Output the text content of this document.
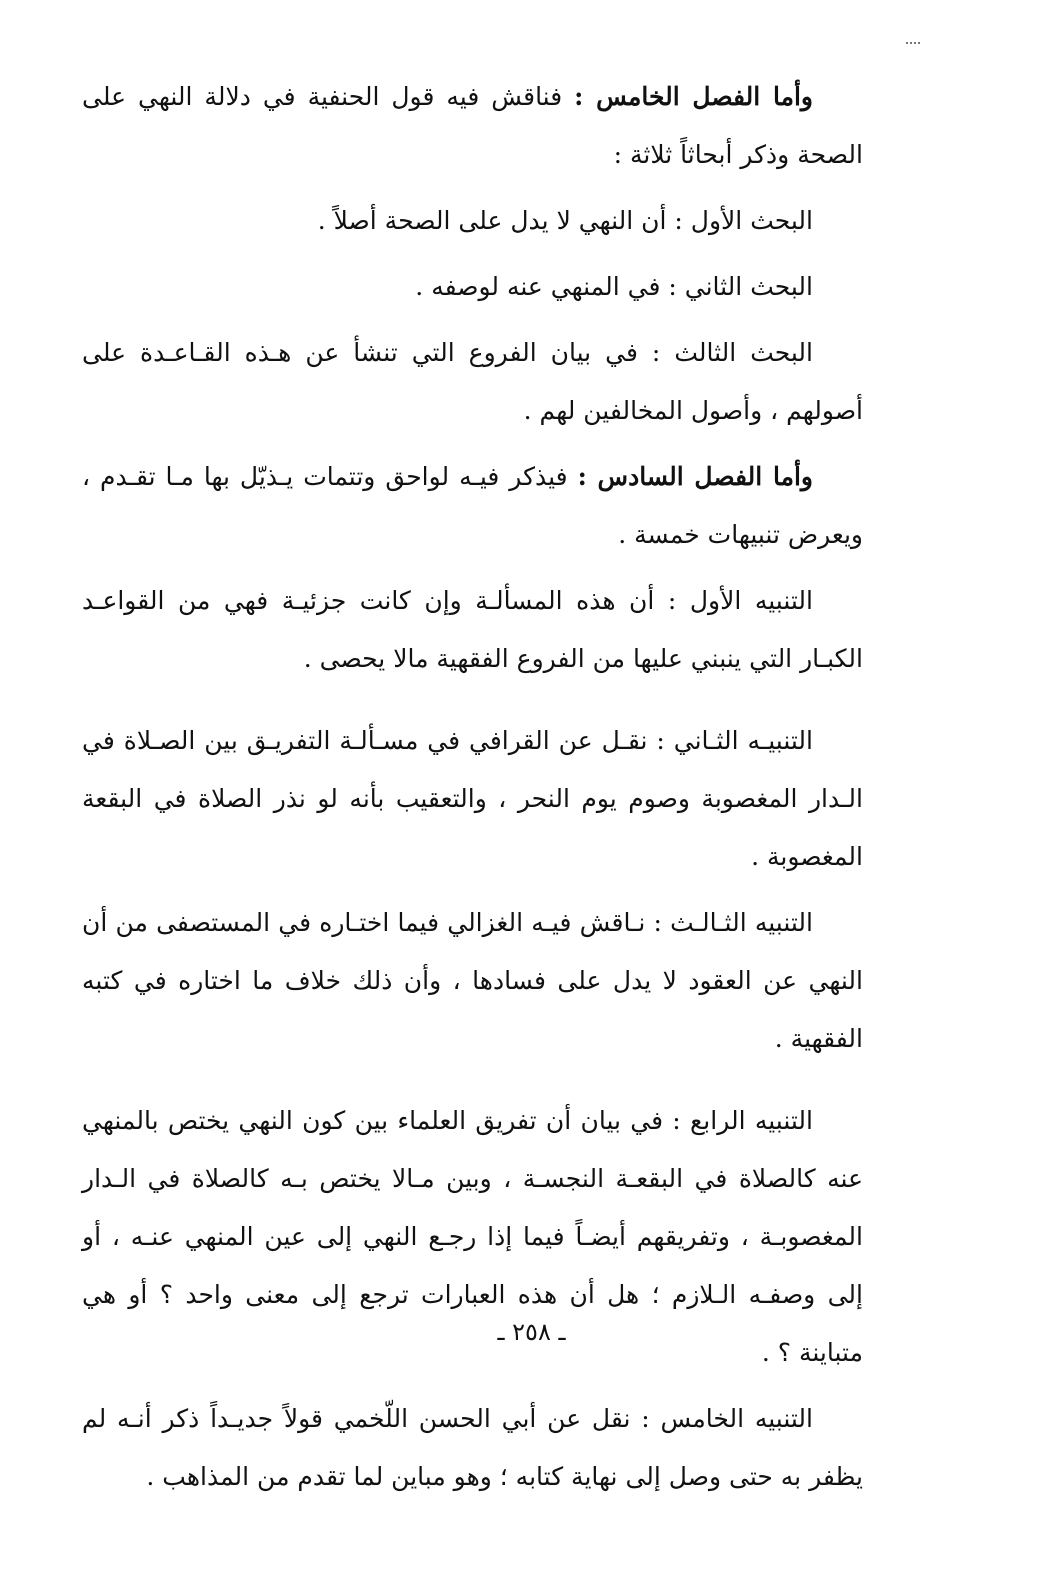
وأما الفصل الخامس : فناقش فيه قول الحنفية في دلالة النهي على الصحة وذكر أبحاثاً ثلاثة :

البحث الأول : أن النهي لا يدل على الصحة أصلاً .

البحث الثاني : في المنهي عنه لوصفه .

البحث الثالث : في بيان الفروع التي تنشأ عن هـذه القـاعـدة على أصولهم ، وأصول المخالفين لهم .

وأما الفصل السادس : فيذكر فيـه لواحق وتتمات يـذيّل بها مـا تقـدم ، ويعرض تنبيهات خمسة .

التنبيه الأول : أن هذه المسألـة وإن كانت جزئيـة فهي من القواعـد الكبـار التي ينبني عليها من الفروع الفقهية مالا يحصى .

التنبيـه الثـاني : نقـل عن القرافي في مسـألـة التفريـق بين الصـلاة في الـدار المغصوبة وصوم يوم النحر ، والتعقيب بأنه لو نذر الصلاة في البقعة المغصوبة .

التنبيه الثـالـث : نـاقش فيـه الغزالي فيما اختـاره في المستصفى من أن النهي عن العقود لا يدل على فسادها ، وأن ذلك خلاف ما اختاره في كتبه الفقهية .

التنبيه الرابع : في بيان أن تفريق العلماء بين كون النهي يختص بالمنهي عنه كالصلاة في البقعـة النجسـة ، وبين مـالا يختص بـه كالصلاة في الـدار المغصوبـة ، وتفريقهم أيضـاً فيما إذا رجـع النهي إلى عين المنهي عنـه ، أو إلى وصفـه الـلازم ؛ هل أن هذه العبارات ترجع إلى معنى واحد ؟ أو هي متباينة ؟ .

التنبيه الخامس : نقل عن أبي الحسن اللّخمي قولاً جديـداً ذكر أنـه لم يظفر به حتى وصل إلى نهاية كتابه ؛ وهو مباين لما تقدم من المذاهب .

ـ ٢٥٨ ـ
